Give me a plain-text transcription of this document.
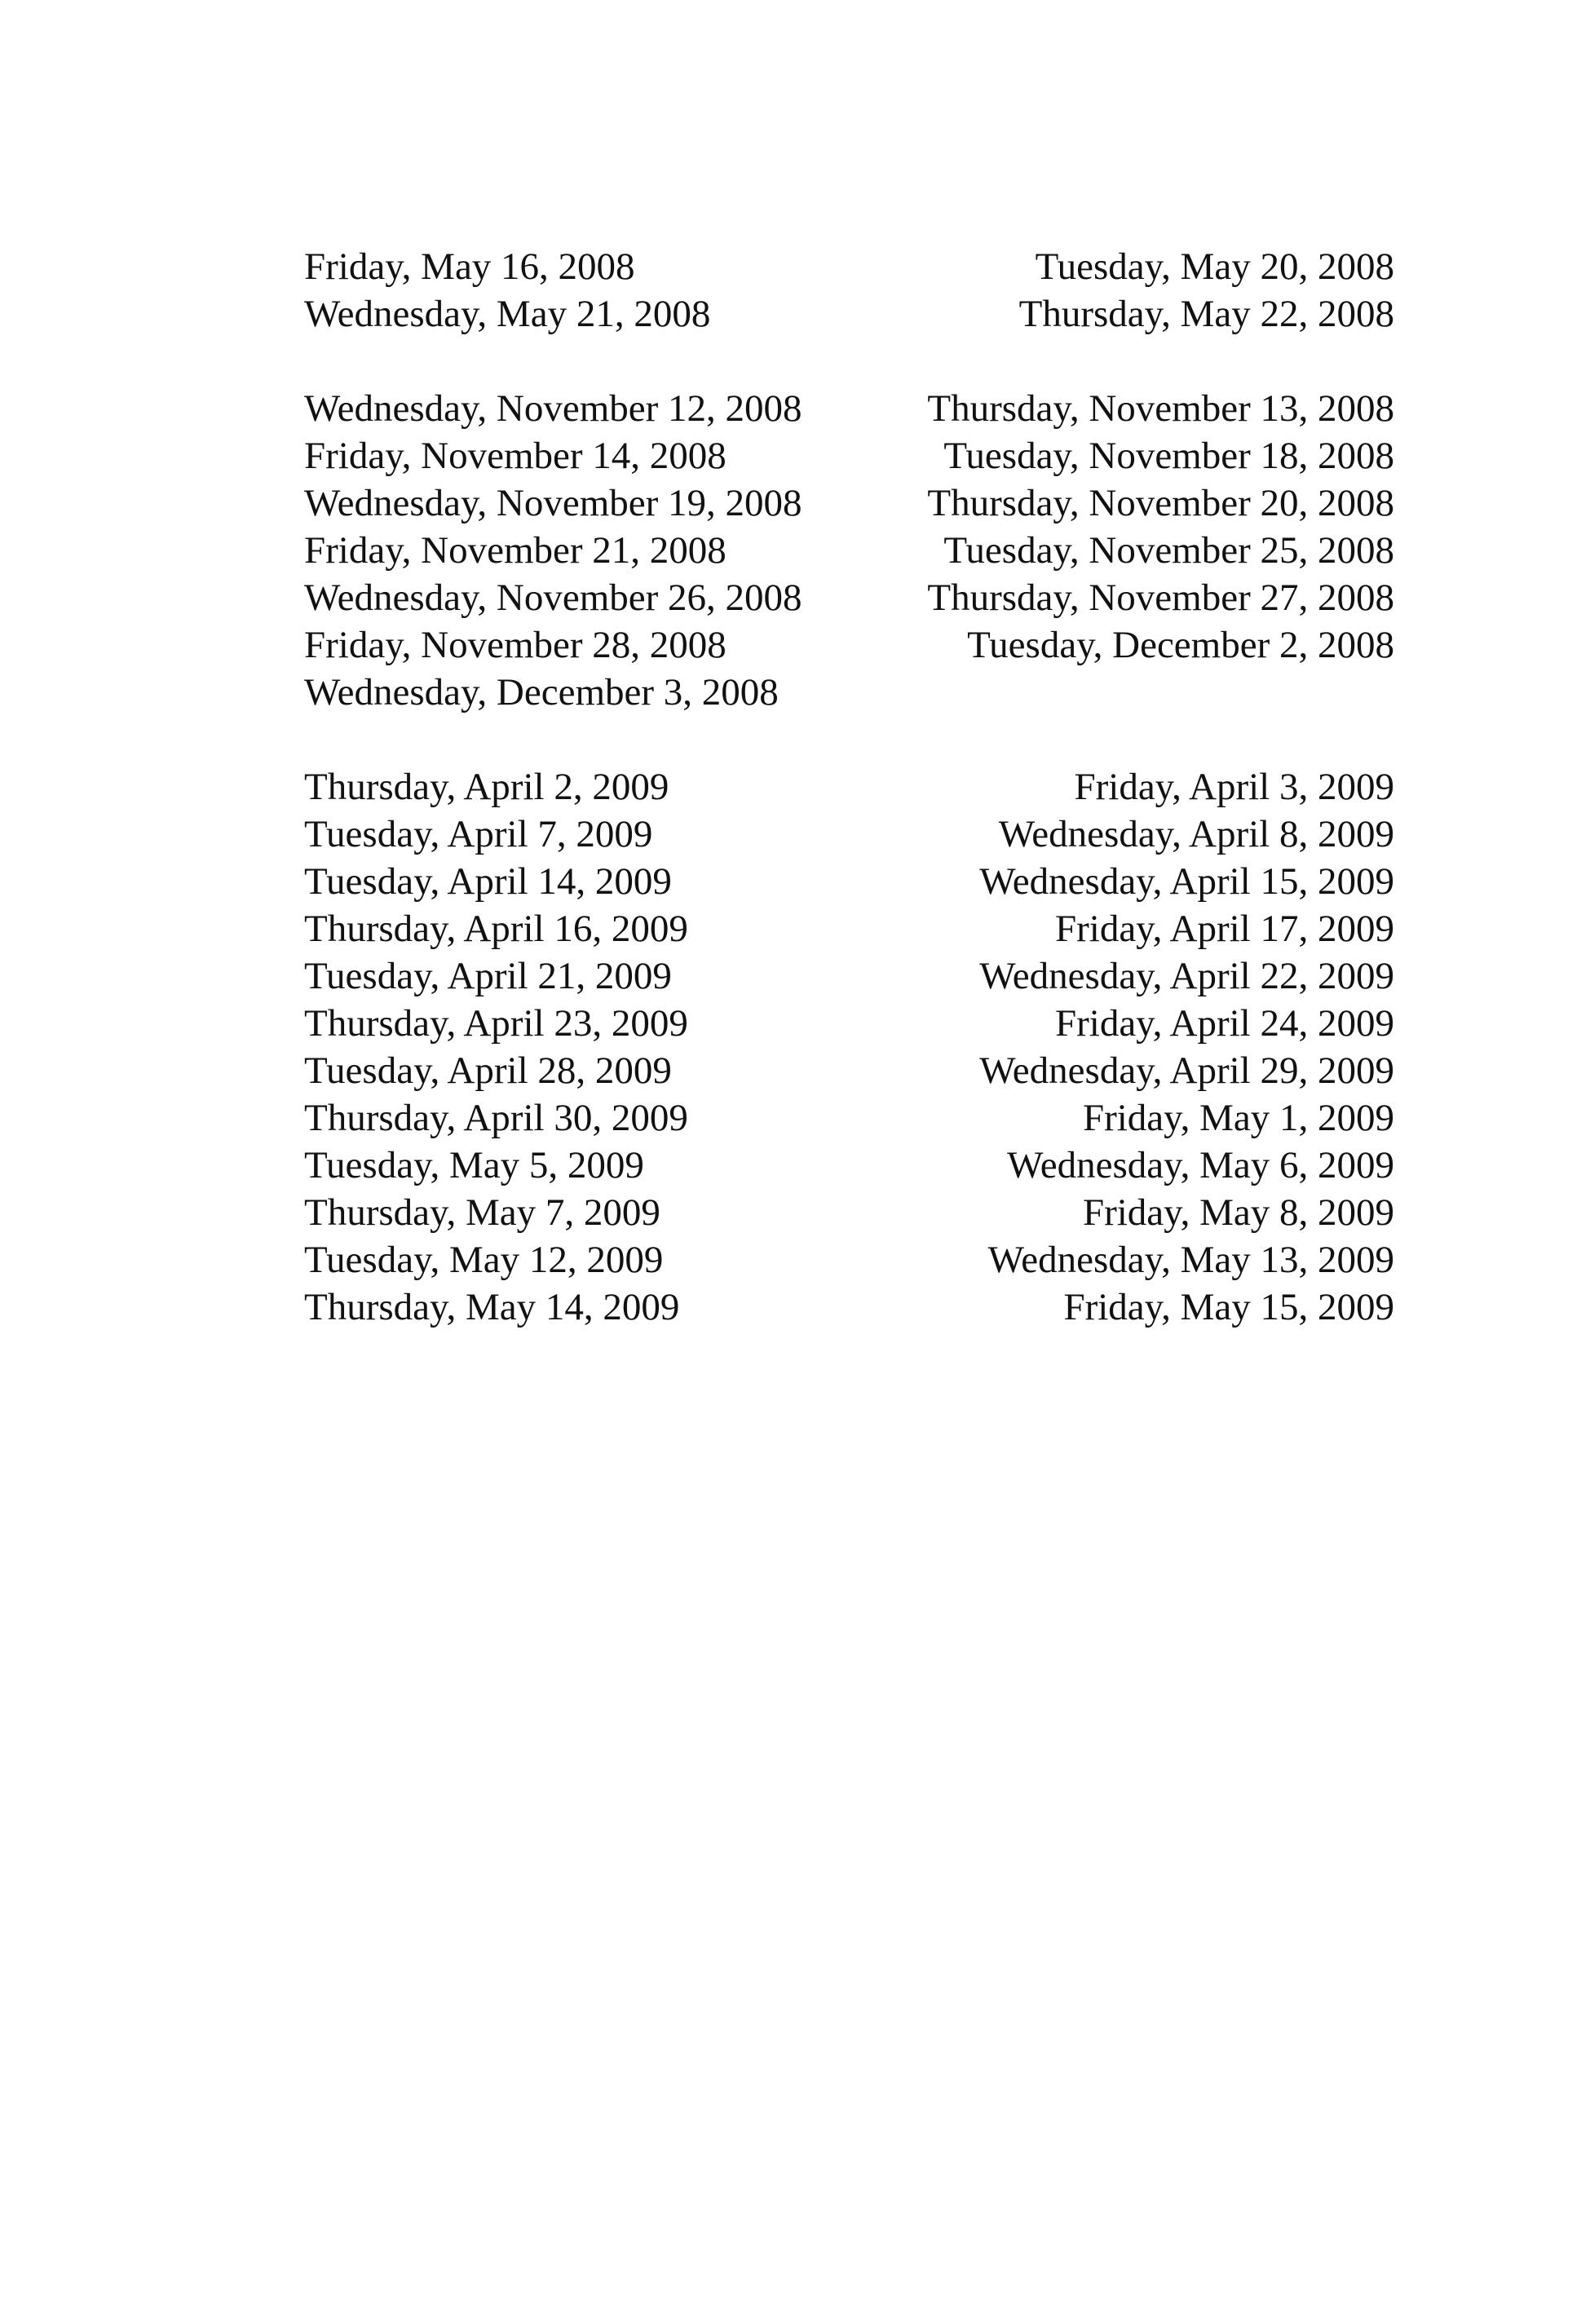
Friday, May 16, 2008	Tuesday, May 20, 2008
Wednesday, May 21, 2008	Thursday, May 22, 2008
Wednesday, November 12, 2008	Thursday, November 13, 2008
Friday, November 14, 2008	Tuesday, November 18, 2008
Wednesday, November 19, 2008	Thursday, November 20, 2008
Friday, November 21, 2008	Tuesday, November 25, 2008
Wednesday, November 26, 2008	Thursday, November 27, 2008
Friday, November 28, 2008	Tuesday, December 2, 2008
Wednesday, December 3, 2008
Thursday, April 2, 2009	Friday, April 3, 2009
Tuesday, April 7, 2009	Wednesday, April 8, 2009
Tuesday, April 14, 2009	Wednesday, April 15, 2009
Thursday, April 16, 2009	Friday, April 17, 2009
Tuesday, April 21, 2009	Wednesday, April 22, 2009
Thursday, April 23, 2009	Friday, April 24, 2009
Tuesday, April 28, 2009	Wednesday, April 29, 2009
Thursday, April 30, 2009	Friday, May 1, 2009
Tuesday, May 5, 2009	Wednesday, May 6, 2009
Thursday, May 7, 2009	Friday, May 8, 2009
Tuesday, May 12, 2009	Wednesday, May 13, 2009
Thursday, May 14, 2009	Friday, May 15, 2009
